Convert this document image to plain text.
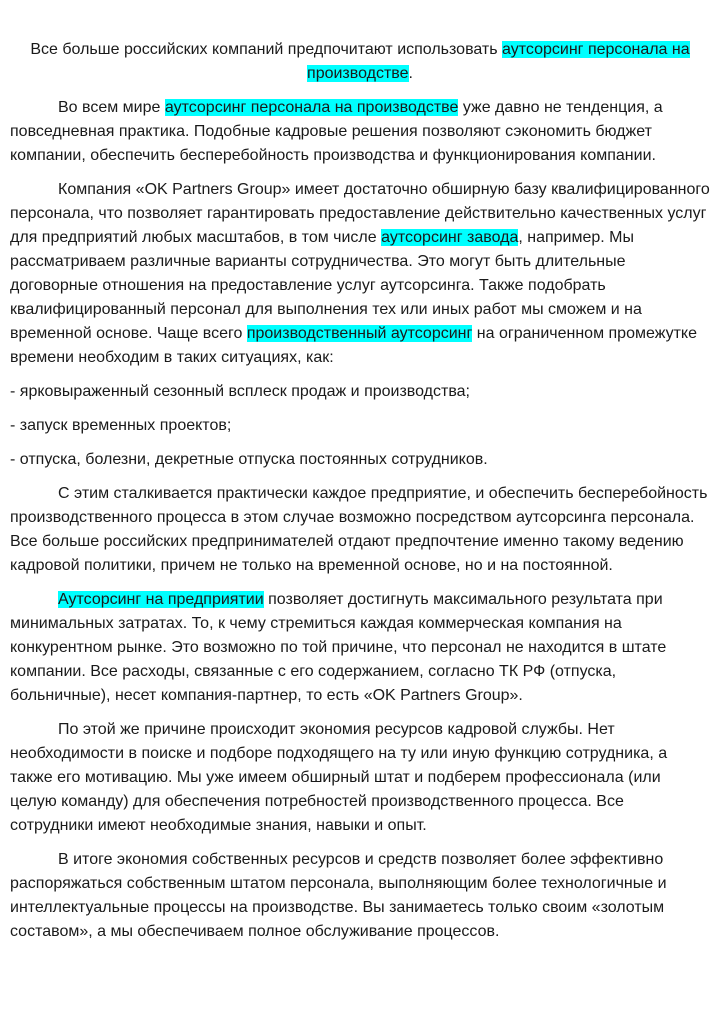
Все больше российских компаний предпочитают использовать аутсорсинг персонала на производстве.

Во всем мире аутсорсинг персонала на производстве уже давно не тенденция, а повседневная практика. Подобные кадровые решения позволяют сэкономить бюджет компании, обеспечить бесперебойность производства и функционирования компании.

Компания «OK Partners Group» имеет достаточно обширную базу квалифицированного персонала, что позволяет гарантировать предоставление действительно качественных услуг для предприятий любых масштабов, в том числе аутсорсинг завода, например. Мы рассматриваем различные варианты сотрудничества. Это могут быть длительные договорные отношения на предоставление услуг аутсорсинга. Также подобрать квалифицированный персонал для выполнения тех или иных работ мы сможем и на временной основе. Чаще всего производственный аутсорсинг на ограниченном промежутке времени необходим в таких ситуациях, как:

- ярковыраженный сезонный всплеск продаж и производства;

- запуск временных проектов;

- отпуска, болезни, декретные отпуска постоянных сотрудников.

С этим сталкивается практически каждое предприятие, и обеспечить бесперебойность производственного процесса в этом случае возможно посредством аутсорсинга персонала. Все больше российских предпринимателей отдают предпочтение именно такому ведению кадровой политики, причем не только на временной основе, но и на постоянной.

Аутсорсинг на предприятии позволяет достигнуть максимального результата при минимальных затратах. То, к чему стремиться каждая коммерческая компания на конкурентном рынке. Это возможно по той причине, что персонал не находится в штате компании. Все расходы, связанные с его содержанием, согласно ТК РФ (отпуска, больничные), несет компания-партнер, то есть «OK Partners Group».

По этой же причине происходит экономия ресурсов кадровой службы. Нет необходимости в поиске и подборе подходящего на ту или иную функцию сотрудника, а также его мотивацию. Мы уже имеем обширный штат и подберем профессионала (или целую команду) для обеспечения потребностей производственного процесса. Все сотрудники имеют необходимые знания, навыки и опыт.

В итоге экономия собственных ресурсов и средств позволяет более эффективно распоряжаться собственным штатом персонала, выполняющим более технологичные и интеллектуальные процессы на производстве. Вы занимаетесь только своим «золотым составом», а мы обеспечиваем полное обслуживание процессов.
